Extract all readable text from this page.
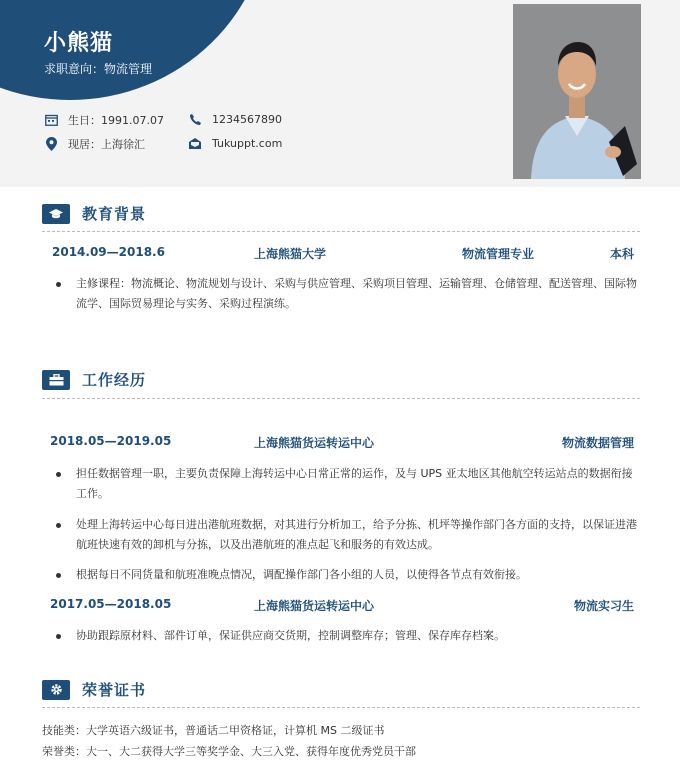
小熊猫
求职意向：物流管理
生日：1991.07.07	1234567890
现居：上海徐汇	Tukuppt.com
教育背景
2014.09—2018.6	上海熊猫大学	物流管理专业	本科
主修课程：物流概论、物流规划与设计、采购与供应管理、采购项目管理、运输管理、仓储管理、配送管理、国际物流学、国际贸易理论与实务、采购过程演练。
工作经历
2018.05—2019.05	上海熊猫货运转运中心	物流数据管理
担任数据管理一职，主要负责保障上海转运中心日常正常的运作，及与 UPS 亚太地区其他航空转运站点的数据衔接工作。
处理上海转运中心每日进出港航班数据，对其进行分析加工，给予分拣、机坪等操作部门各方面的支持，以保证进港航班快速有效的卸机与分拣，以及出港航班的准点起飞和服务的有效达成。
根据每日不同货量和航班准晚点情况，调配操作部门各小组的人员，以使得各节点有效衔接。
2017.05—2018.05	上海熊猫货运转运中心	物流实习生
协助跟踪原材料、部件订单，保证供应商交货期，控制调整库存；管理、保存库存档案。
荣誉证书
技能类：大学英语六级证书，普通话二甲资格证，计算机 MS 二级证书
荣誉类：大一、大二获得大学三等奖学金、大三入党、获得年度优秀党员干部
